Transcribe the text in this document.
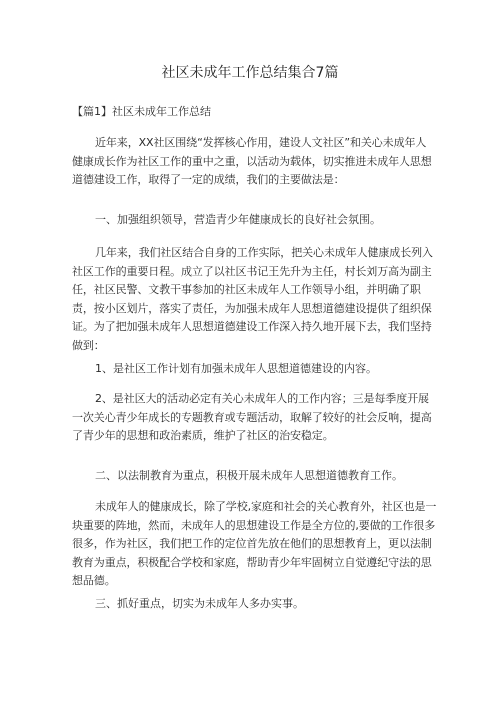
社区未成年工作总结集合7篇
【篇1】社区未成年工作总结

近年来，XX社区围绕“发挥核心作用，建设人文社区”和关心未成年人健康成长作为社区工作的重中之重，以活动为载体，切实推进未成年人思想道德建设工作，取得了一定的成绩，我们的主要做法是：

一、加强组织领导，营造青少年健康成长的良好社会氛围。

几年来，我们社区结合自身的工作实际，把关心未成年人健康成长列入社区工作的重要日程。成立了以社区书记王先升为主任，村长刘万高为副主任，社区民警、文教干事参加的社区未成年人工作领导小组，并明确了职责，按小区划片，落实了责任，为加强未成年人思想道德建设提供了组织保证。为了把加强未成年人思想道德建设工作深入持久地开展下去，我们坚持做到：

1、是社区工作计划有加强未成年人思想道德建设的内容。

2、是社区大的活动必定有关心未成年人的工作内容；三是每季度开展一次关心青少年成长的专题教育或专题活动，取解了较好的社会反响，提高了青少年的思想和政治素质，维护了社区的治安稳定。

二、以法制教育为重点，积极开展未成年人思想道德教育工作。

未成年人的健康成长，除了学校,家庭和社会的关心教育外，社区也是一块重要的阵地，然而，未成年人的思想建设工作是全方位的,要做的工作很多很多，作为社区，我们把工作的定位首先放在他们的思想教育上，更以法制教育为重点，积极配合学校和家庭，帮助青少年牢固树立自觉遵纪守法的思想品德。

三、抓好重点，切实为未成年人多办实事。
